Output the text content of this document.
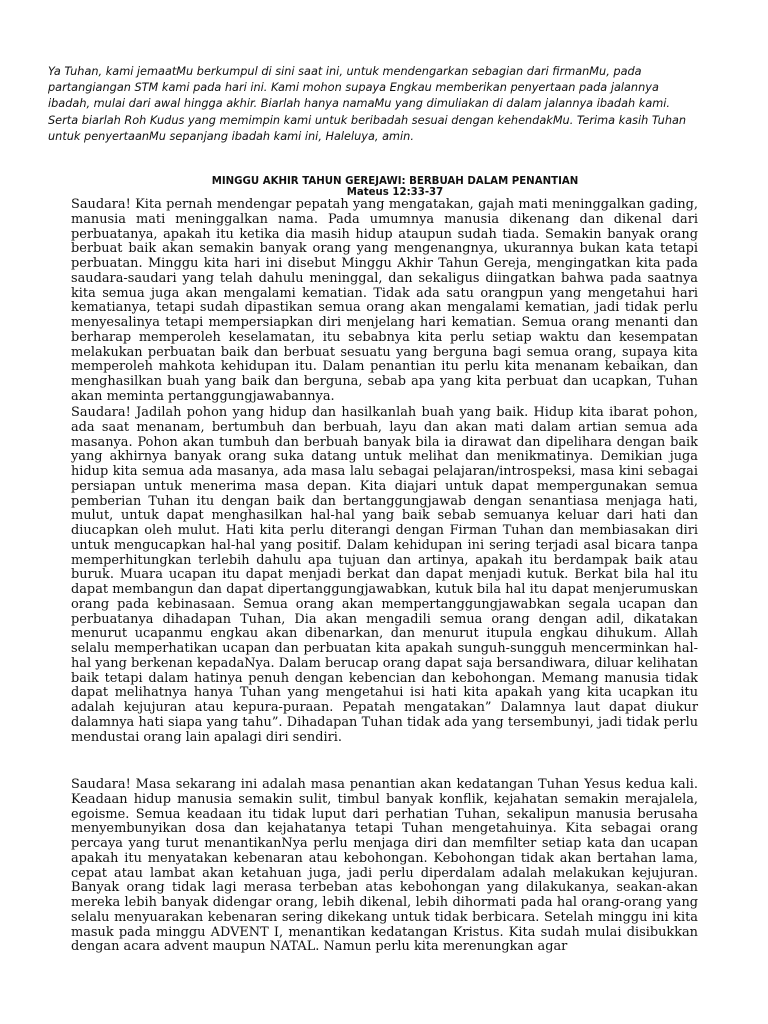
Ya Tuhan, kami jemaatMu berkumpul di sini saat ini, untuk mendengarkan sebagian dari firmanMu, pada partangiangan STM kami pada hari ini. Kami mohon supaya Engkau memberikan penyertaan pada jalannya ibadah, mulai dari awal hingga akhir. Biarlah hanya namaMu yang dimuliakan di dalam jalannya ibadah kami. Serta biarlah Roh Kudus yang memimpin kami untuk beribadah sesuai dengan kehendakMu. Terima kasih Tuhan untuk penyertaanMu sepanjang ibadah kami ini, Haleluya, amin.

MINGGU AKHIR TAHUN GEREJAWI: BERBUAH DALAM PENANTIAN
Mateus 12:33-37

Saudara! Kita pernah mendengar pepatah yang mengatakan, gajah mati meninggalkan gading, manusia mati meninggalkan nama. Pada umumnya manusia dikenang dan dikenal dari perbuatanya, apakah itu ketika dia masih hidup ataupun sudah tiada. Semakin banyak orang berbuat baik akan semakin banyak orang yang mengenangnya, ukurannya bukan kata tetapi perbuatan. Minggu kita hari ini disebut Minggu Akhir Tahun Gereja, mengingatkan kita pada saudara-saudari yang telah dahulu meninggal, dan sekaligus diingatkan bahwa pada saatnya kita semua juga akan mengalami kematian. Tidak ada satu orangpun yang mengetahui hari kematianya, tetapi sudah dipastikan semua orang akan mengalami kematian, jadi tidak perlu menyesalinya tetapi mempersiapkan diri menjelang hari kematian. Semua orang menanti dan berharap memperoleh keselamatan, itu sebabnya kita perlu setiap waktu dan kesempatan melakukan perbuatan baik dan berbuat sesuatu yang berguna bagi semua orang, supaya kita memperoleh mahkota kehidupan itu. Dalam penantian itu perlu kita menanam kebaikan, dan menghasilkan buah yang baik dan berguna, sebab apa yang kita perbuat dan ucapkan, Tuhan akan meminta pertanggungjawabannya.

Saudara! Jadilah pohon yang hidup dan hasilkanlah buah yang baik. Hidup kita ibarat pohon, ada saat menanam, bertumbuh dan berbuah, layu dan akan mati dalam artian semua ada masanya. Pohon akan tumbuh dan berbuah banyak bila ia dirawat dan dipelihara dengan baik yang akhirnya banyak orang suka datang untuk melihat dan menikmatinya. Demikian juga hidup kita semua ada masanya, ada masa lalu sebagai pelajaran/introspeksi, masa kini sebagai persiapan untuk menerima masa depan. Kita diajari untuk dapat mempergunakan semua pemberian Tuhan itu dengan baik dan bertanggungjawab dengan senantiasa menjaga hati, mulut, untuk dapat menghasilkan hal-hal yang baik sebab semuanya keluar dari hati dan diucapkan oleh mulut. Hati kita perlu diterangi dengan Firman Tuhan dan membiasakan diri untuk mengucapkan hal-hal yang positif. Dalam kehidupan ini sering terjadi asal bicara tanpa memperhitungkan terlebih dahulu apa tujuan dan artinya, apakah itu berdampak baik atau buruk. Muara ucapan itu dapat menjadi berkat dan dapat menjadi kutuk. Berkat bila hal itu dapat membangun dan dapat dipertanggungjawabkan, kutuk bila hal itu dapat menjerumuskan orang pada kebinasaan. Semua orang akan mempertanggungjawabkan segala ucapan dan perbuatanya dihadapan Tuhan, Dia akan mengadili semua orang dengan adil, dikatakan menurut ucapanmu engkau akan dibenarkan, dan menurut itupula engkau dihukum. Allah selalu memperhatikan ucapan dan perbuatan kita apakah sunguh-sungguh mencerminkan hal-hal yang berkenan kepadaNya. Dalam berucap orang dapat saja bersandiwara, diluar kelihatan baik tetapi dalam hatinya penuh dengan kebencian dan kebohongan. Memang manusia tidak dapat melihatnya hanya Tuhan yang mengetahui isi hati kita apakah yang kita ucapkan itu adalah kejujuran atau kepura-puraan. Pepatah mengatakan” Dalamnya laut dapat diukur dalamnya hati siapa yang tahu”. Dihadapan Tuhan tidak ada yang tersembunyi, jadi tidak perlu mendustai orang lain apalagi diri sendiri.

Saudara! Masa sekarang ini adalah masa penantian akan kedatangan Tuhan Yesus kedua kali. Keadaan hidup manusia semakin sulit, timbul banyak konflik, kejahatan semakin merajalela, egoisme. Semua keadaan itu tidak luput dari perhatian Tuhan, sekalipun manusia berusaha menyembunyikan dosa dan kejahatanya tetapi Tuhan mengetahuinya. Kita sebagai orang percaya yang turut menantikanNya perlu menjaga diri dan memfilter setiap kata dan ucapan apakah itu menyatakan kebenaran atau kebohongan. Kebohongan tidak akan bertahan lama, cepat atau lambat akan ketahuan juga, jadi perlu diperdalam adalah melakukan kejujuran. Banyak orang tidak lagi merasa terbeban atas kebohongan yang dilakukanya, seakan-akan mereka lebih banyak didengar orang, lebih dikenal, lebih dihormati pada hal orang-orang yang selalu menyuarakan kebenaran sering dikekang untuk tidak berbicara. Setelah minggu ini kita masuk pada minggu ADVENT I, menantikan kedatangan Kristus. Kita sudah mulai disibukkan dengan acara advent maupun NATAL. Namun perlu kita merenungkan agar
